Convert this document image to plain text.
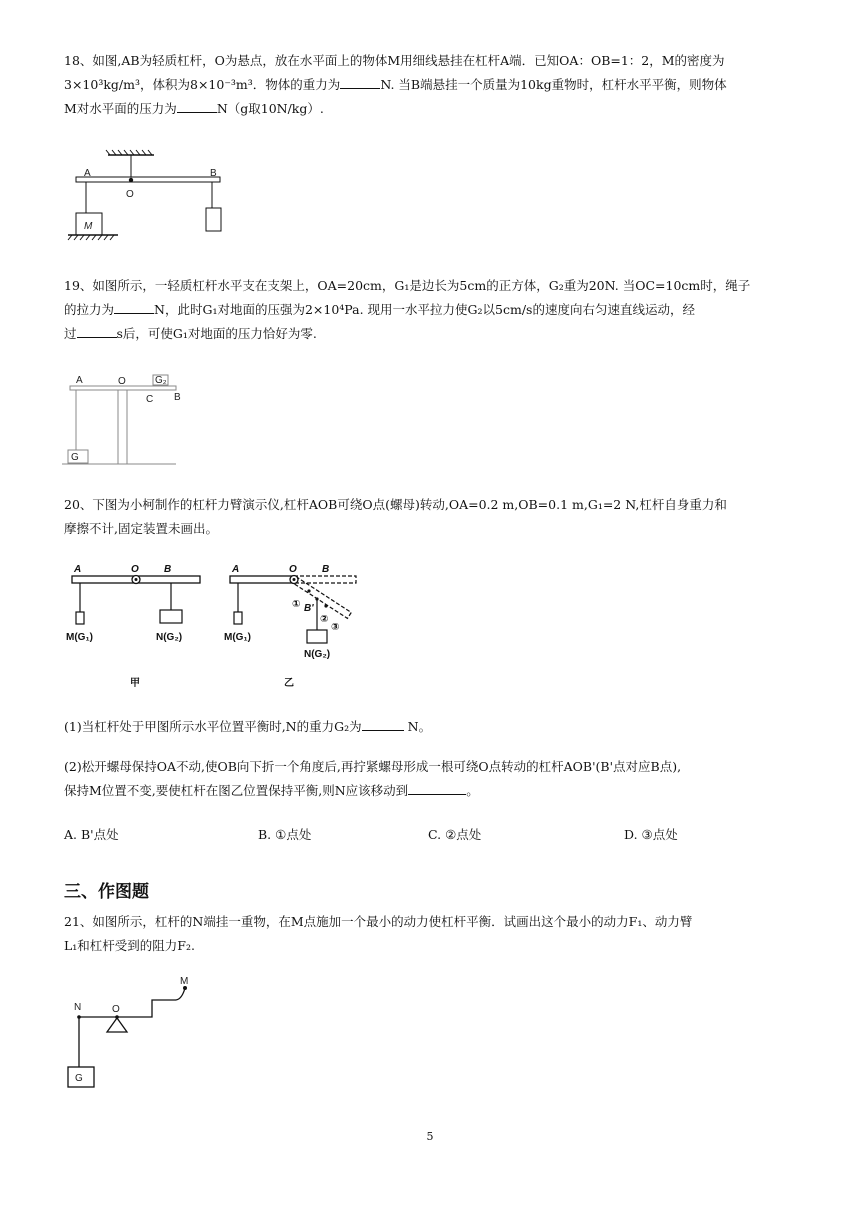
18、如图,AB为轻质杠杆，O为悬点，放在水平面上的物体M用细线悬挂在杠杆A端．已知OA：OB=1：2，M的密度为
3×10³kg/m³，体积为8×10⁻³m³．物体的重力为	N. 当B端悬挂一个质量为10kg重物时，杠杆水平平衡，则物体
M对水平面的压力为	N（g取10N/kg）.
A
O
B
M
19、如图所示，一轻质杠杆水平支在支架上，OA=20cm，G₁是边长为5cm的正方体，G₂重为20N. 当OC=10cm时，绳子
的拉力为	N，此时G₁对地面的压强为2×10⁴Pa. 现用一水平拉力使G₂以5cm/s的速度向右匀速直线运动，经
过	s后，可使G₁对地面的压力恰好为零.
A	O	G₂
C B
G
20、下图为小柯制作的杠杆力臂演示仪,杠杆AOB可绕O点(螺母)转动,OA=0.2 m,OB=0.1 m,G₁=2 N,杠杆自身重力和
摩擦不计,固定装置未画出。
A	O	B
M(G₁)	N(G₂)
甲
A	O	B
B'
①
②
③
M(G₁)
N(G₂)
乙
(1)当杠杆处于甲图所示水平位置平衡时,N的重力G₂为	N。
(2)松开螺母保持OA不动,使OB向下折一个角度后,再拧紧螺母形成一根可绕O点转动的杠杆AOB'(B'点对应B点),
保持M位置不变,要使杠杆在图乙位置保持平衡,则N应该移动到	。
A. B'点处	B. ①点处	C. ②点处	D. ③点处
三、作图题
21、如图所示，杠杆的N端挂一重物，在M点施加一个最小的动力使杠杆平衡．试画出这个最小的动力F₁、动力臂
L₁和杠杆受到的阻力F₂.
M
N	O
G
5
